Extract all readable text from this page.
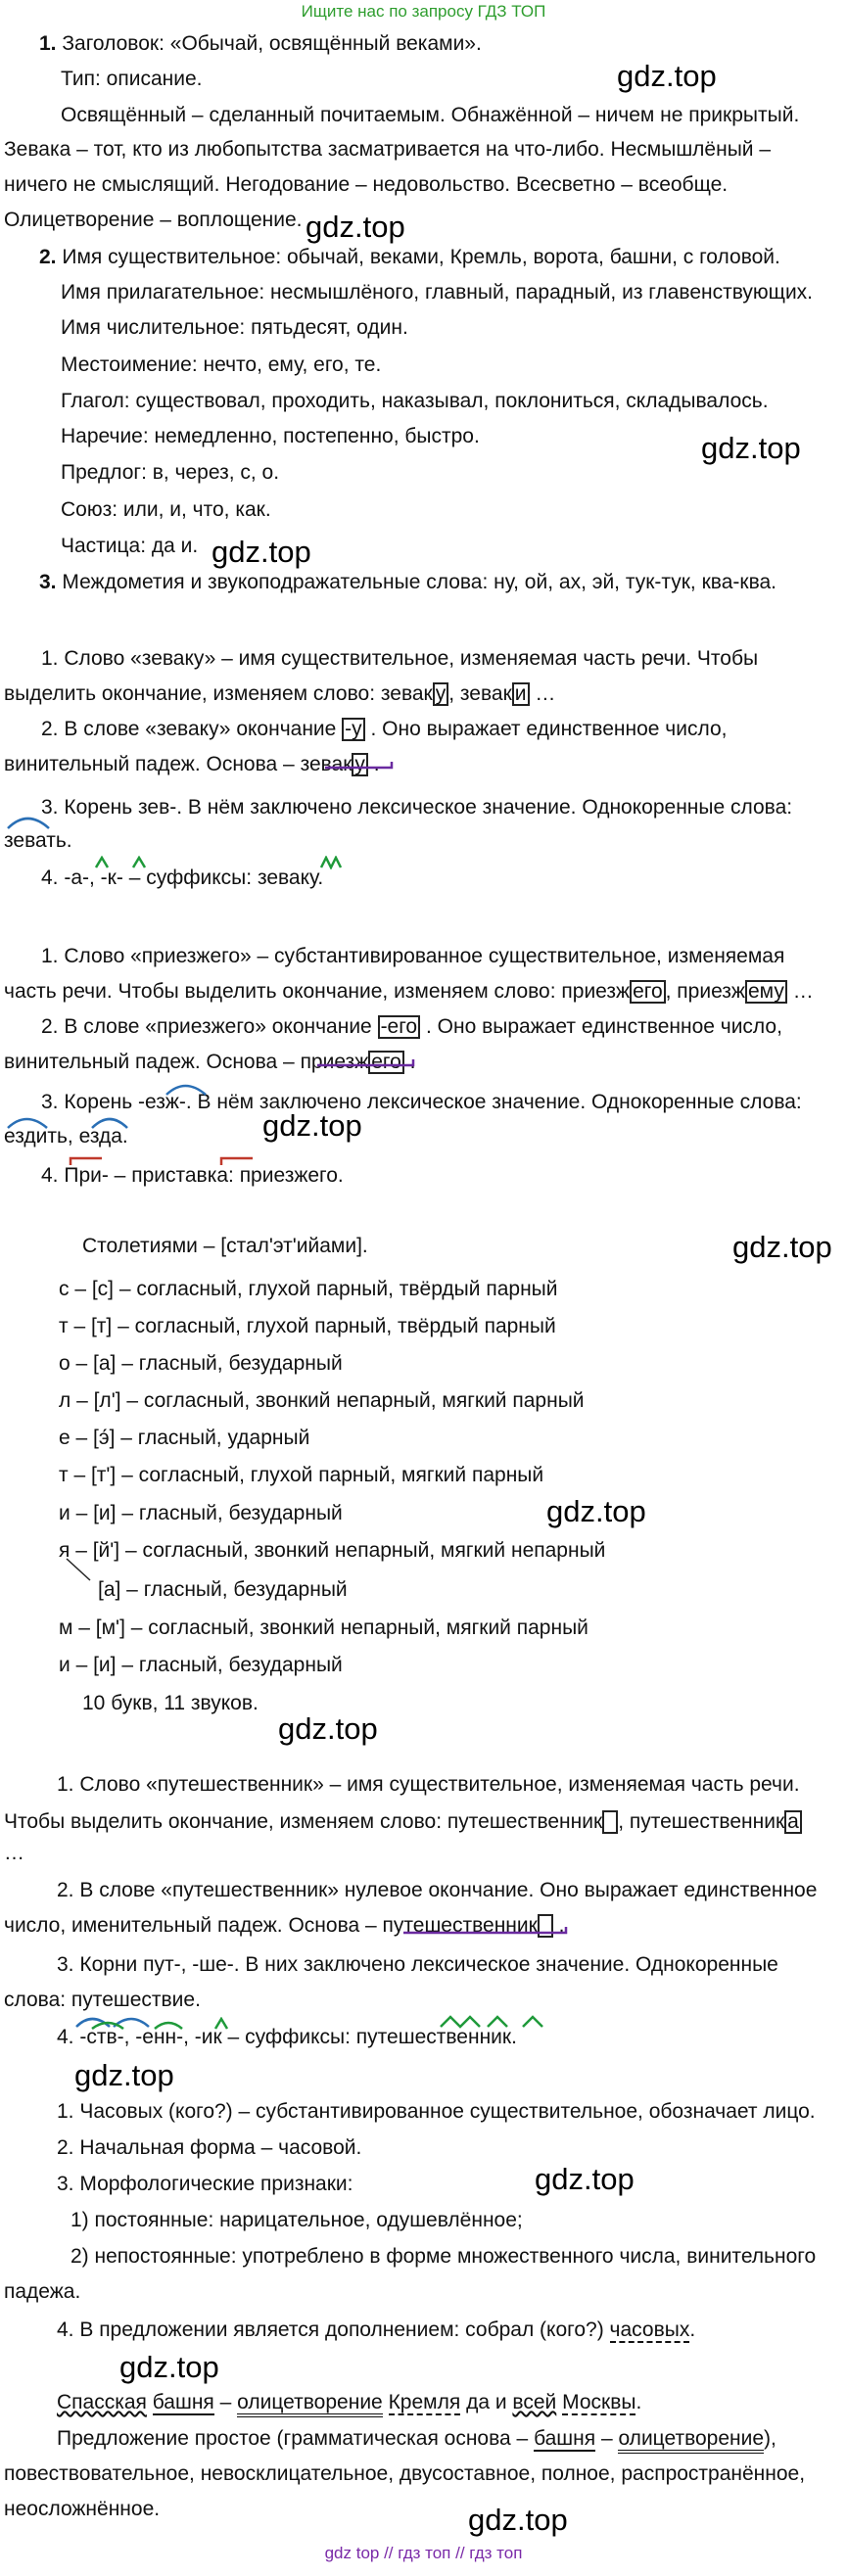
Ищите нас по запросу ГДЗ ТОП
1. Заголовок: «Обычай, освящённый веками».
Тип: описание.
Освящённый – сделанный почитаемым. Обнажённой – ничем не прикрытый.
Зевака – тот, кто из любопытства засматривается на что-либо. Несмышлёный –
ничего не смыслящий. Негодование – недовольство. Всесветно – всеобще.
Олицетворение – воплощение.
2. Имя существительное: обычай, веками, Кремль, ворота, башни, с головой.
Имя прилагательное: несмышлёного, главный, парадный, из главенствующих.
Имя числительное: пятьдесят, один.
Местоимение: нечто, ему, его, те.
Глагол: существовал, проходить, наказывал, поклониться, складывалось.
Наречие: немедленно, постепенно, быстро.
Предлог: в, через, с, о.
Союз: или, и, что, как.
Частица: да и.
3. Междометия и звукоподражательные слова: ну, ой, ах, эй, тук-тук, ква-ква.
1. Слово «зеваку» – имя существительное, изменяемая часть речи. Чтобы
выделить окончание, изменяем слово: зевак у , зевак и …
2. В слове «зеваку» окончание -у . Оно выражает единственное число,
винительный падеж. Основа – зевак у .
3. Корень зев-. В нём заключено лексическое значение. Однокоренные слова:
зевать.
4. -а-, -к- – суффиксы: зеваку.
1. Слово «приезжего» – субстантивированное существительное, изменяемая
часть речи. Чтобы выделить окончание, изменяем слово: приезж его , приезж ему …
2. В слове «приезжего» окончание -его . Оно выражает единственное число,
винительный падеж. Основа – приезж его .
3. Корень -езж-. В нём заключено лексическое значение. Однокоренные слова:
ездить, езда.
4. При- – приставка: приезжего.
Столетиями – [стал'эт'ийами].
с – [с] – согласный, глухой парный, твёрдый парный
т – [т] – согласный, глухой парный, твёрдый парный
о – [а] – гласный, безударный
л – [л'] – согласный, звонкий непарный, мягкий парный
е – [э́] – гласный, ударный
т – [т'] – согласный, глухой парный, мягкий парный
и – [и] – гласный, безударный
я – [й'] – согласный, звонкий непарный, мягкий непарный
[а] – гласный, безударный
м – [м'] – согласный, звонкий непарный, мягкий парный
и – [и] – гласный, безударный
10 букв, 11 звуков.
1. Слово «путешественник» – имя существительное, изменяемая часть речи.
Чтобы выделить окончание, изменяем слово: путешественник , путешественник а
…
2. В слове «путешественник» нулевое окончание. Оно выражает единственное
число, именительный падеж. Основа – путешественник .
3. Корни пут-, -ше-. В них заключено лексическое значение. Однокоренные
слова: путешествие.
4. -ств-, -енн-, -ик – суффиксы: путешественник.
1. Часовых (кого?) – субстантивированное существительное, обозначает лицо.
2. Начальная форма – часовой.
3. Морфологические признаки:
1) постоянные: нарицательное, одушевлённое;
2) непостоянные: употреблено в форме множественного числа, винительного
падежа.
4. В предложении является дополнением: собрал (кого?) часовых.
Спасская башня – олицетворение Кремля да и всей Москвы.
Предложение простое (грамматическая основа – башня – олицетворение),
повествовательное, невосклицательное, двусоставное, полное, распространённое,
неосложнённое.
gdz.top
gdz.top
gdz.top
gdz.top
gdz.top
gdz.top
gdz.top
gdz.top
gdz.top
gdz.top
gdz.top
gdz.top
gdz top // гдз топ // гдз топ
